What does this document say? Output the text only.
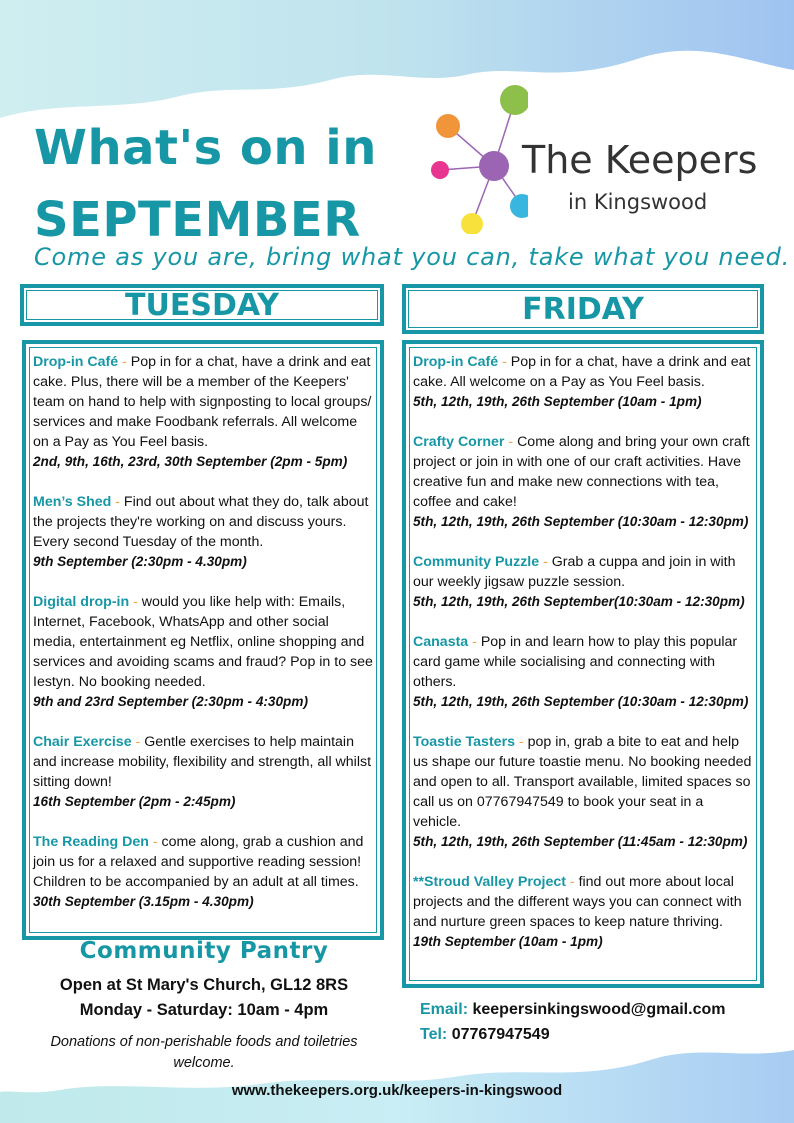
What's on in
SEPTEMBER
The Keepers
in Kingswood
Come as you are, bring what you can, take what you need.
TUESDAY
Drop-in Café - Pop in for a chat, have a drink and eat cake. Plus, there will be a member of the Keepers' team on hand to help with signposting to local groups/ services and make Foodbank referrals. All welcome on a Pay as You Feel basis.
2nd, 9th, 16th, 23rd, 30th September (2pm - 5pm)
Men’s Shed - Find out about what they do, talk about the projects they're working on and discuss yours. Every second Tuesday of the month.
9th September (2:30pm - 4.30pm)
Digital drop-in - would you like help with: Emails, Internet, Facebook, WhatsApp and other social media, entertainment eg Netflix, online shopping and services and avoiding scams and fraud? Pop in to see Iestyn. No booking needed.
9th and 23rd September (2:30pm - 4:30pm)
Chair Exercise - Gentle exercises to help maintain and increase mobility, flexibility and strength, all whilst sitting down!
16th September (2pm - 2:45pm)
The Reading Den - come along, grab a cushion and join us for a relaxed and supportive reading session! Children to be accompanied by an adult at all times.
30th September (3.15pm - 4.30pm)
FRIDAY
Drop-in Café - Pop in for a chat, have a drink and eat cake. All welcome on a Pay as You Feel basis.
5th, 12th, 19th, 26th September (10am - 1pm)
Crafty Corner - Come along and bring your own craft project or join in with one of our craft activities. Have creative fun and make new connections with tea, coffee and cake!
5th, 12th, 19th, 26th September (10:30am - 12:30pm)
Community Puzzle - Grab a cuppa and join in with our weekly jigsaw puzzle session.
5th, 12th, 19th, 26th September(10:30am - 12:30pm)
Canasta - Pop in and learn how to play this popular card game while socialising and connecting with others.
5th, 12th, 19th, 26th September (10:30am - 12:30pm)
Toastie Tasters - pop in, grab a bite to eat and help us shape our future toastie menu. No booking needed and open to all. Transport available, limited spaces so call us on 07767947549 to book your seat in a vehicle.
5th, 12th, 19th, 26th September (11:45am - 12:30pm)
**Stroud Valley Project - find out more about local projects and the different ways you can connect with and nurture green spaces to keep nature thriving.
19th September (10am - 1pm)
Community Pantry
Open at St Mary's Church, GL12 8RS
Monday - Saturday: 10am - 4pm
Donations of non-perishable foods and toiletries welcome.
Email: keepersinkingswood@gmail.com
Tel: 07767947549
www.thekeepers.org.uk/keepers-in-kingswood
